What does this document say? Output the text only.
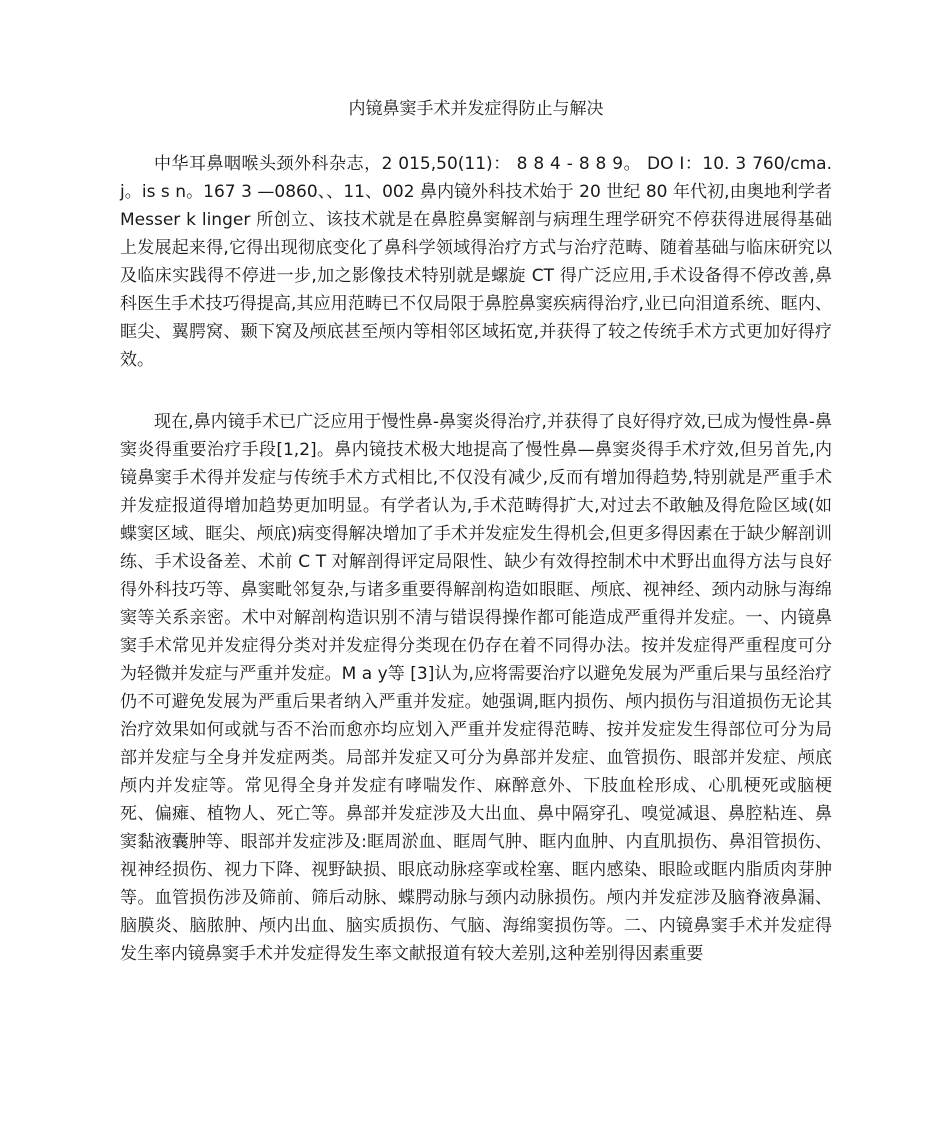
内镜鼻窦手术并发症得防止与解决

中华耳鼻咽喉头颈外科杂志，2 015,50(11)： 8 8 4 - 8 8 9。 DO I：10. 3 760/cma.j。is s n。167 3 —0860、、11、002 鼻内镜外科技术始于 20 世纪 80 年代初,由奥地利学者 Messer k linger 所创立、该技术就是在鼻腔鼻窦解剖与病理生理学研究不停获得进展得基础上发展起来得,它得出现彻底变化了鼻科学领域得治疗方式与治疗范畴、随着基础与临床研究以及临床实践得不停进一步,加之影像技术特别就是螺旋 CT 得广泛应用,手术设备得不停改善,鼻科医生手术技巧得提高,其应用范畴已不仅局限于鼻腔鼻窦疾病得治疗,业已向泪道系统、眶内、眶尖、翼腭窝、颞下窝及颅底甚至颅内等相邻区域拓宽,并获得了较之传统手术方式更加好得疗效。

现在,鼻内镜手术已广泛应用于慢性鼻-鼻窦炎得治疗,并获得了良好得疗效,已成为慢性鼻-鼻窦炎得重要治疗手段[1,2]。鼻内镜技术极大地提高了慢性鼻—鼻窦炎得手术疗效,但另首先,内镜鼻窦手术得并发症与传统手术方式相比,不仅没有减少,反而有增加得趋势,特别就是严重手术并发症报道得增加趋势更加明显。有学者认为,手术范畴得扩大,对过去不敢触及得危险区域(如蝶窦区域、眶尖、颅底)病变得解决增加了手术并发症发生得机会,但更多得因素在于缺少解剖训练、手术设备差、术前 C T 对解剖得评定局限性、缺少有效得控制术中术野出血得方法与良好得外科技巧等、鼻窦毗邻复杂,与诸多重要得解剖构造如眼眶、颅底、视神经、颈内动脉与海绵窦等关系亲密。术中对解剖构造识别不清与错误得操作都可能造成严重得并发症。一、内镜鼻窦手术常见并发症得分类对并发症得分类现在仍存在着不同得办法。按并发症得严重程度可分为轻微并发症与严重并发症。M a y等 [3]认为,应将需要治疗以避免发展为严重后果与虽经治疗仍不可避免发展为严重后果者纳入严重并发症。她强调,眶内损伤、颅内损伤与泪道损伤无论其治疗效果如何或就与否不治而愈亦均应划入严重并发症得范畴、按并发症发生得部位可分为局部并发症与全身并发症两类。局部并发症又可分为鼻部并发症、血管损伤、眼部并发症、颅底颅内并发症等。常见得全身并发症有哮喘发作、麻醉意外、下肢血栓形成、心肌梗死或脑梗死、偏瘫、植物人、死亡等。鼻部并发症涉及大出血、鼻中隔穿孔、嗅觉减退、鼻腔粘连、鼻窦黏液囊肿等、眼部并发症涉及:眶周淤血、眶周气肿、眶内血肿、内直肌损伤、鼻泪管损伤、视神经损伤、视力下降、视野缺损、眼底动脉痉挛或栓塞、眶内感染、眼睑或眶内脂质肉芽肿等。血管损伤涉及筛前、筛后动脉、蝶腭动脉与颈内动脉损伤。颅内并发症涉及脑脊液鼻漏、脑膜炎、脑脓肿、颅内出血、脑实质损伤、气脑、海绵窦损伤等。二、内镜鼻窦手术并发症得发生率内镜鼻窦手术并发症得发生率文献报道有较大差别,这种差别得因素重要
